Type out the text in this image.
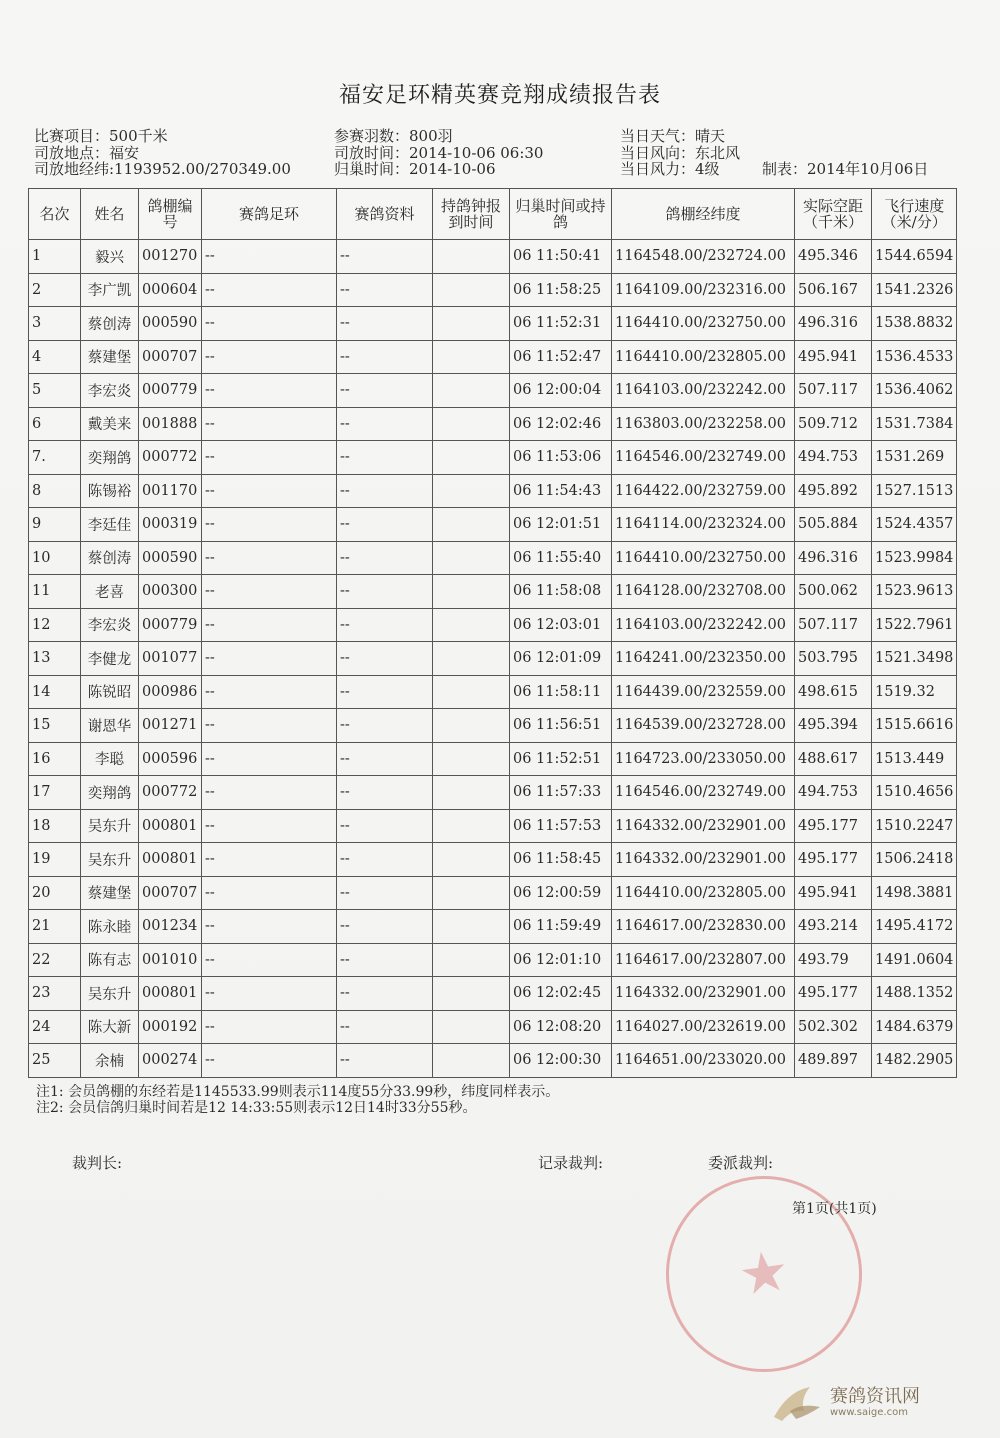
福安足环精英赛竞翔成绩报告表
比赛项目：500千米	参赛羽数：800羽	当日天气：晴天
司放地点：福安	司放时间：2014-10-06 06:30	当日风向：东北风
司放地经纬:1193952.00/270349.00	归巢时间：2014-10-06	当日风力：4级	制表：2014年10月06日
名次	姓名	鸽棚编号	赛鸽足环	赛鸽资料	持鸽钟报到时间	归巢时间或持鸽	鸽棚经纬度	实际空距（千米）	飞行速度（米/分）
1	毅兴	001270	--	--		06 11:50:41	1164548.00/232724.00	495.346	1544.6594
2	李广凯	000604	--	--		06 11:58:25	1164109.00/232316.00	506.167	1541.2326
3	蔡创涛	000590	--	--		06 11:52:31	1164410.00/232750.00	496.316	1538.8832
4	蔡建堡	000707	--	--		06 11:52:47	1164410.00/232805.00	495.941	1536.4533
5	李宏炎	000779	--	--		06 12:00:04	1164103.00/232242.00	507.117	1536.4062
6	戴美来	001888	--	--		06 12:02:46	1163803.00/232258.00	509.712	1531.7384
7.	奕翔鸽	000772	--	--		06 11:53:06	1164546.00/232749.00	494.753	1531.269
8	陈锡裕	001170	--	--		06 11:54:43	1164422.00/232759.00	495.892	1527.1513
9	李廷佳	000319	--	--		06 12:01:51	1164114.00/232324.00	505.884	1524.4357
10	蔡创涛	000590	--	--		06 11:55:40	1164410.00/232750.00	496.316	1523.9984
11	老喜	000300	--	--		06 11:58:08	1164128.00/232708.00	500.062	1523.9613
12	李宏炎	000779	--	--		06 12:03:01	1164103.00/232242.00	507.117	1522.7961
13	李健龙	001077	--	--		06 12:01:09	1164241.00/232350.00	503.795	1521.3498
14	陈锐昭	000986	--	--		06 11:58:11	1164439.00/232559.00	498.615	1519.32
15	谢恩华	001271	--	--		06 11:56:51	1164539.00/232728.00	495.394	1515.6616
16	李聪	000596	--	--		06 11:52:51	1164723.00/233050.00	488.617	1513.449
17	奕翔鸽	000772	--	--		06 11:57:33	1164546.00/232749.00	494.753	1510.4656
18	吴东升	000801	--	--		06 11:57:53	1164332.00/232901.00	495.177	1510.2247
19	吴东升	000801	--	--		06 11:58:45	1164332.00/232901.00	495.177	1506.2418
20	蔡建堡	000707	--	--		06 12:00:59	1164410.00/232805.00	495.941	1498.3881
21	陈永睦	001234	--	--		06 11:59:49	1164617.00/232830.00	493.214	1495.4172
22	陈有志	001010	--	--		06 12:01:10	1164617.00/232807.00	493.79	1491.0604
23	吴东升	000801	--	--		06 12:02:45	1164332.00/232901.00	495.177	1488.1352
24	陈大新	000192	--	--		06 12:08:20	1164027.00/232619.00	502.302	1484.6379
25	余楠	000274	--	--		06 12:00:30	1164651.00/233020.00	489.897	1482.2905
注1: 会员鸽棚的东经若是1145533.99则表示114度55分33.99秒，纬度同样表示。
注2: 会员信鸽归巢时间若是12 14:33:55则表示12日14时33分55秒。
裁判长:	记录裁判:	委派裁判:
★
第1页(共1页)
赛鸽资讯网
www.saige.com
